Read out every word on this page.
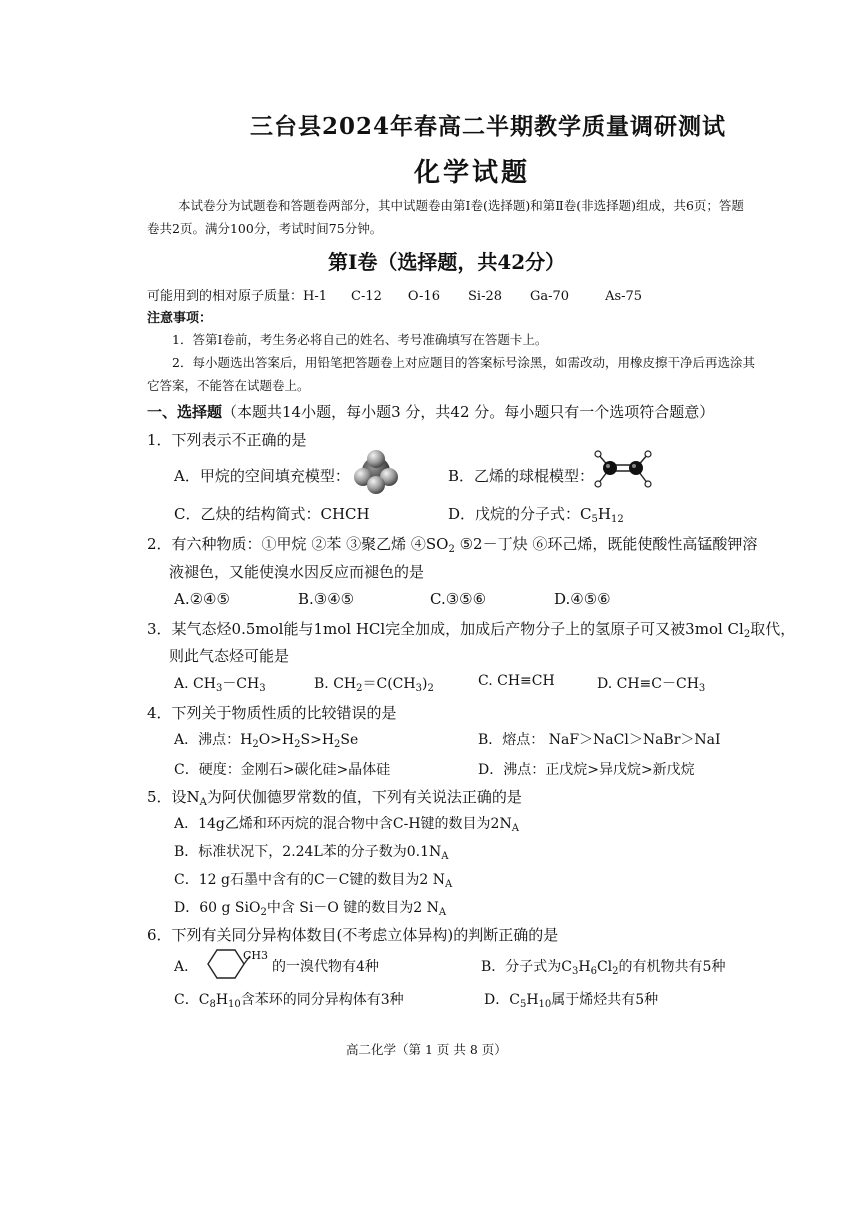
三台县2024年春高二半期教学质量调研测试
化学试题
本试卷分为试题卷和答题卷两部分，其中试题卷由第Ⅰ卷(选择题)和第Ⅱ卷(非选择题)组成，共6页；答题
卷共2页。满分100分，考试时间75分钟。
第Ⅰ卷（选择题，共42分）
可能用到的相对原子质量：H-1 C-12 O-16 Si-28 Ga-70	As-75
注意事项：
1．答第Ⅰ卷前，考生务必将自己的姓名、考号准确填写在答题卡上。
2．每小题选出答案后，用铅笔把答题卷上对应题目的答案标号涂黑，如需改动，用橡皮擦干净后再选涂其
它答案，不能答在试题卷上。
一、选择题（本题共14小题，每小题3 分，共42 分。每小题只有一个选项符合题意）
1．下列表示不正确的是
A．甲烷的空间填充模型：	B．乙烯的球棍模型：
C．乙炔的结构简式：CHCH	D．戊烷的分子式：$C_5H_{12}$
2．有六种物质：①甲烷 ②苯 ③聚乙烯 $④SO_2$ ⑤2－丁炔 ⑥环己烯，既能使酸性高锰酸钾溶
液褪色，又能使溴水因反应而褪色的是
A.②④⑤	B.③④⑤	C.③⑤⑥	D.④⑤⑥
3．某气态烃0.5mol能与1mol HCl完全加成，加成后产物分子上的氢原子可又被3mol $Cl_2$取代，
则此气态烃可能是
A. $CH_3-CH_3$	B. $CH_2=C(CH_3)_2$	C. CH≡CH	D. $CH\equiv C-CH_3$
4．下列关于物质性质的比较错误的是
A．沸点：$H_2O>H_2S>H_2Se$	B．熔点： NaF＞NaCl＞NaBr＞NaI
C．硬度：金刚石>碳化硅>晶体硅	D．沸点：正戊烷>异戊烷>新戊烷
5．设$N_A$为阿伏伽德罗常数的值，下列有关说法正确的是
A．14g乙烯和环丙烷的混合物中含C-H键的数目为$2N_A$
B．标准状况下，2.24L苯的分子数为$0.1N_A$
C．12 g石墨中含有的C－C键的数目为2 $N_A$
D．60 g SiO$_2$中含 Si－O 键的数目为2 $N_A$
6．下列有关同分异构体数目(不考虑立体异构)的判断正确的是
A．
CH3
的一溴代物有4种	B．分子式为$C_3H_6Cl_2$的有机物共有5种
C．$C_8H_{10}$含苯环的同分异构体有3种	D．$C_5H_{10}$属于烯烃共有5种
高二化学（第 1 页 共 8 页）
